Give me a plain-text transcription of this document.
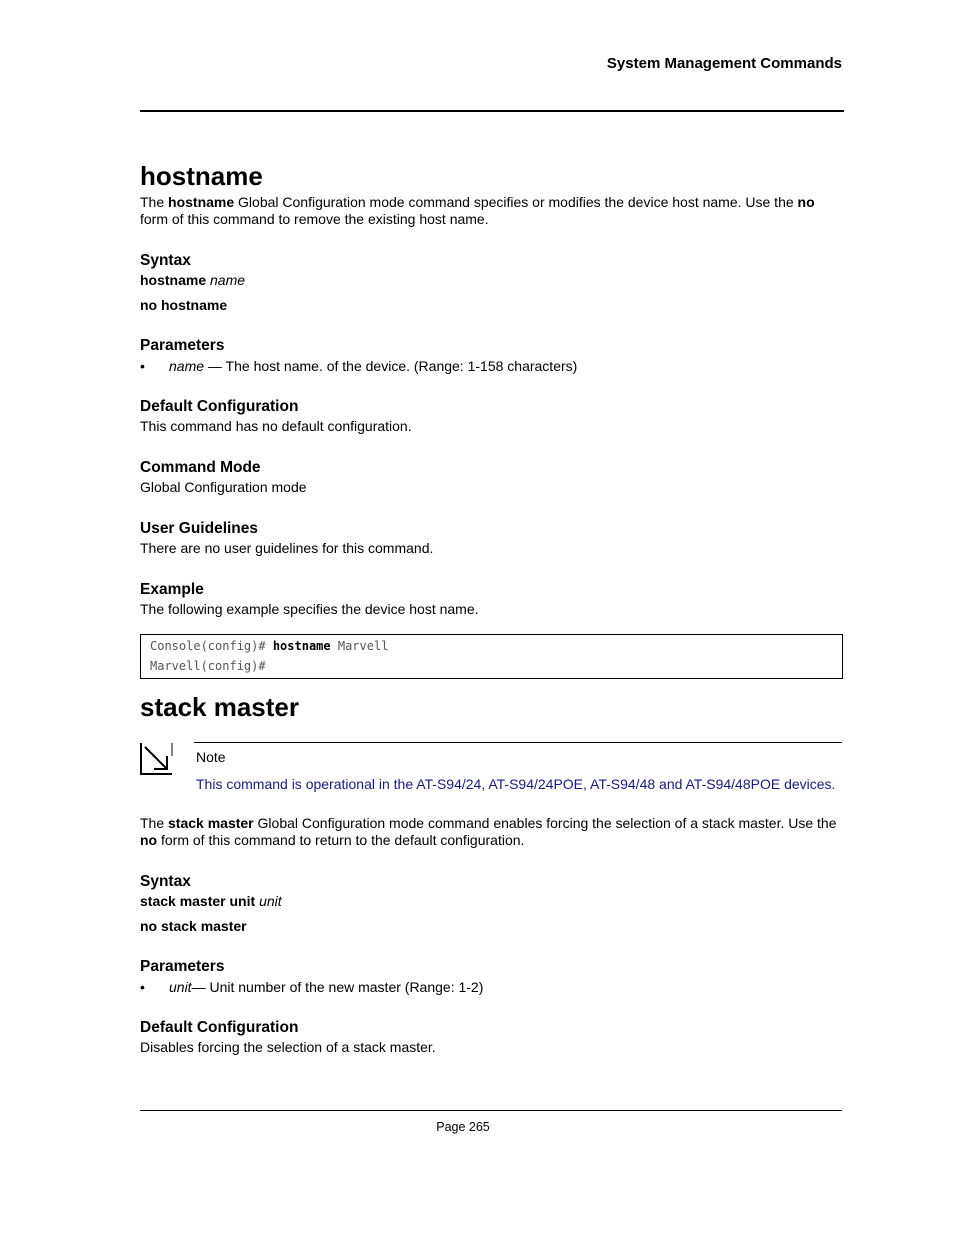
System Management Commands
hostname
The hostname Global Configuration mode command specifies or modifies the device host name. Use the no form of this command to remove the existing host name.
Syntax
hostname name
no hostname
Parameters
• name — The host name. of the device. (Range: 1-158 characters)
Default Configuration
This command has no default configuration.
Command Mode
Global Configuration mode
User Guidelines
There are no user guidelines for this command.
Example
The following example specifies the device host name.
Console(config)# hostname Marvell
Marvell(config)#
stack master
Note
This command is operational in the AT-S94/24, AT-S94/24POE, AT-S94/48 and AT-S94/48POE devices.
The stack master Global Configuration mode command enables forcing the selection of a stack master. Use the no form of this command to return to the default configuration.
Syntax
stack master unit unit
no stack master
Parameters
• unit— Unit number of the new master (Range: 1-2)
Default Configuration
Disables forcing the selection of a stack master.
Page 265
